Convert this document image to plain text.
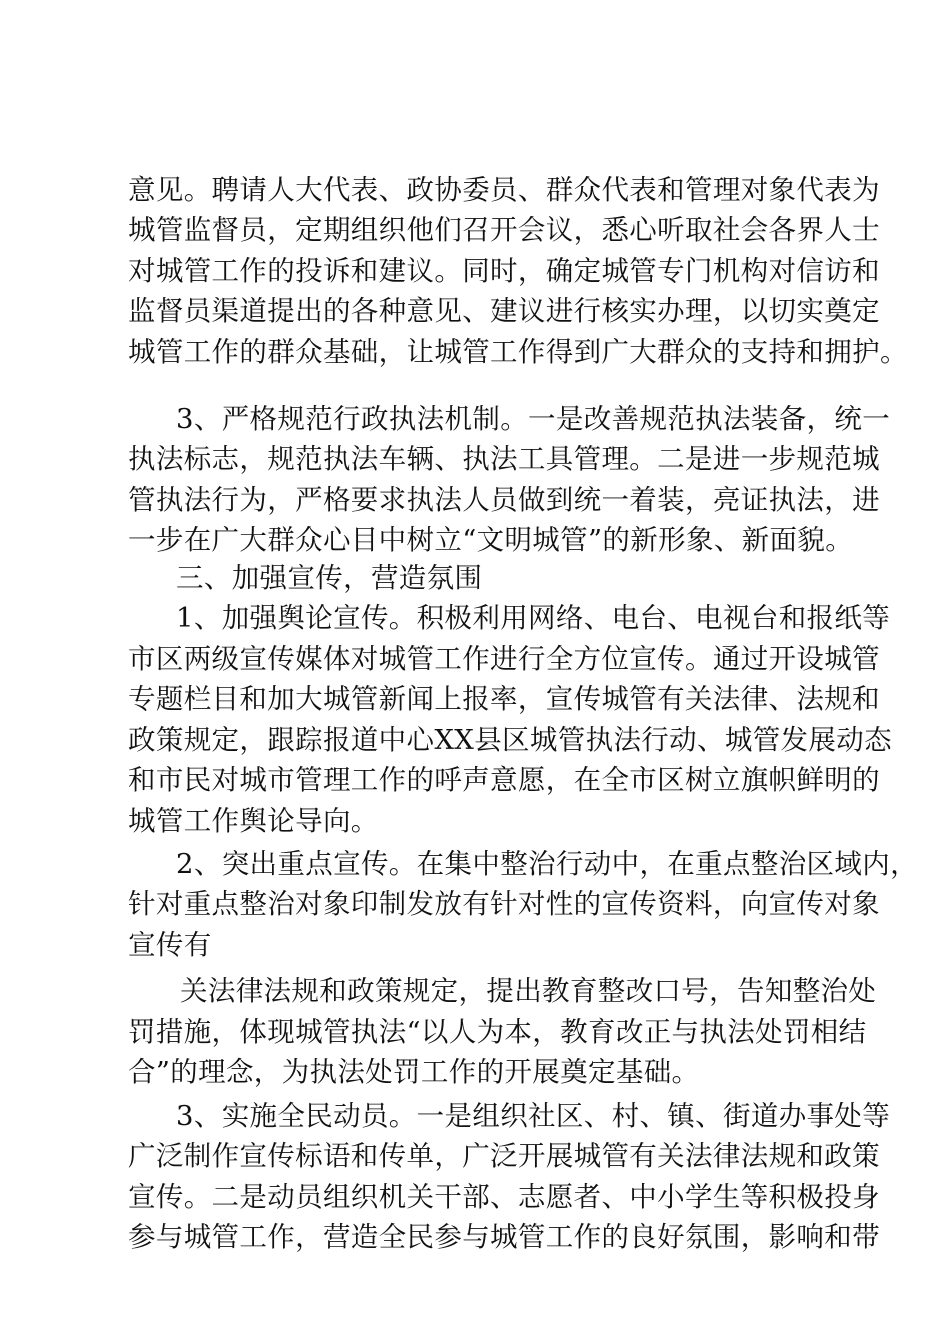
意见。聘请人大代表、政协委员、群众代表和管理对象代表为
城管监督员，定期组织他们召开会议，悉心听取社会各界人士
对城管工作的投诉和建议。同时，确定城管专门机构对信访和
监督员渠道提出的各种意见、建议进行核实办理，以切实奠定
城管工作的群众基础，让城管工作得到广大群众的支持和拥护。
3、严格规范行政执法机制。一是改善规范执法装备，统一
执法标志，规范执法车辆、执法工具管理。二是进一步规范城
管执法行为，严格要求执法人员做到统一着装，亮证执法，进
一步在广大群众心目中树立“文明城管”的新形象、新面貌。
三、加强宣传，营造氛围
1、加强舆论宣传。积极利用网络、电台、电视台和报纸等
市区两级宣传媒体对城管工作进行全方位宣传。通过开设城管
专题栏目和加大城管新闻上报率，宣传城管有关法律、法规和
政策规定，跟踪报道中心XX县区城管执法行动、城管发展动态
和市民对城市管理工作的呼声意愿，在全市区树立旗帜鲜明的
城管工作舆论导向。
2、突出重点宣传。在集中整治行动中，在重点整治区域内，
针对重点整治对象印制发放有针对性的宣传资料，向宣传对象
宣传有
关法律法规和政策规定，提出教育整改口号，告知整治处
罚措施，体现城管执法“以人为本，教育改正与执法处罚相结
合”的理念，为执法处罚工作的开展奠定基础。
3、实施全民动员。一是组织社区、村、镇、街道办事处等
广泛制作宣传标语和传单，广泛开展城管有关法律法规和政策
宣传。二是动员组织机关干部、志愿者、中小学生等积极投身
参与城管工作，营造全民参与城管工作的良好氛围，影响和带
